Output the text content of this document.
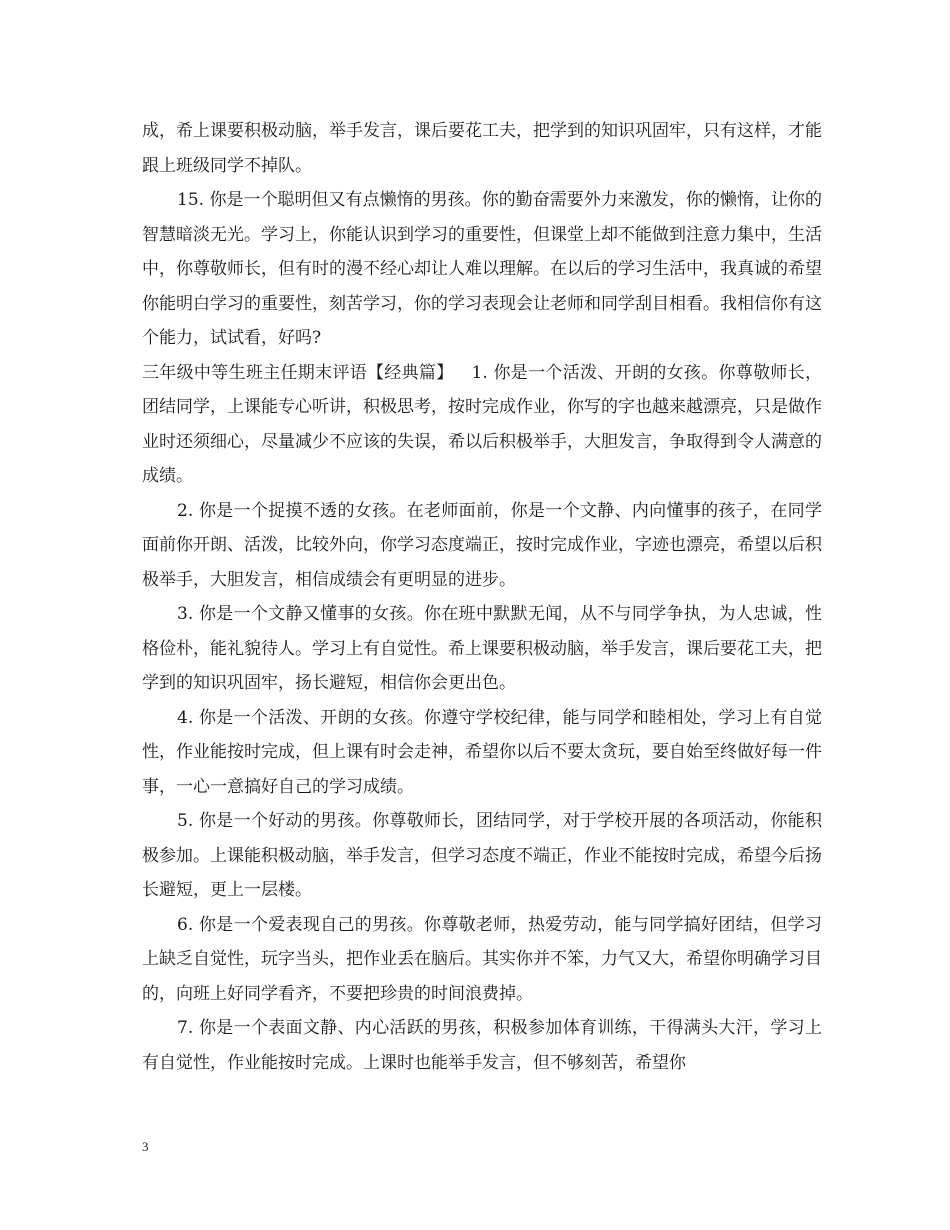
成，希上课要积极动脑，举手发言，课后要花工夫，把学到的知识巩固牢，只有这样，才能跟上班级同学不掉队。

15. 你是一个聪明但又有点懒惰的男孩。你的勤奋需要外力来激发，你的懒惰，让你的智慧暗淡无光。学习上，你能认识到学习的重要性，但课堂上却不能做到注意力集中，生活中，你尊敬师长，但有时的漫不经心却让人难以理解。在以后的学习生活中，我真诚的希望你能明白学习的重要性，刻苦学习，你的学习表现会让老师和同学刮目相看。我相信你有这个能力，试试看，好吗?

三年级中等生班主任期末评语【经典篇】 1. 你是一个活泼、开朗的女孩。你尊敬师长，团结同学，上课能专心听讲，积极思考，按时完成作业，你写的字也越来越漂亮，只是做作业时还须细心，尽量减少不应该的失误，希以后积极举手，大胆发言，争取得到令人满意的成绩。

2. 你是一个捉摸不透的女孩。在老师面前，你是一个文静、内向懂事的孩子，在同学面前你开朗、活泼，比较外向，你学习态度端正，按时完成作业，字迹也漂亮，希望以后积极举手，大胆发言，相信成绩会有更明显的进步。

3. 你是一个文静又懂事的女孩。你在班中默默无闻，从不与同学争执，为人忠诚，性格俭朴，能礼貌待人。学习上有自觉性。希上课要积极动脑，举手发言，课后要花工夫，把学到的知识巩固牢，扬长避短，相信你会更出色。

4. 你是一个活泼、开朗的女孩。你遵守学校纪律，能与同学和睦相处，学习上有自觉性，作业能按时完成，但上课有时会走神，希望你以后不要太贪玩，要自始至终做好每一件事，一心一意搞好自己的学习成绩。

5. 你是一个好动的男孩。你尊敬师长，团结同学，对于学校开展的各项活动，你能积极参加。上课能积极动脑，举手发言，但学习态度不端正，作业不能按时完成，希望今后扬长避短，更上一层楼。

6. 你是一个爱表现自己的男孩。你尊敬老师，热爱劳动，能与同学搞好团结，但学习上缺乏自觉性，玩字当头，把作业丢在脑后。其实你并不笨，力气又大，希望你明确学习目的，向班上好同学看齐，不要把珍贵的时间浪费掉。

7. 你是一个表面文静、内心活跃的男孩，积极参加体育训练，干得满头大汗，学习上有自觉性，作业能按时完成。上课时也能举手发言，但不够刻苦，希望你

3
